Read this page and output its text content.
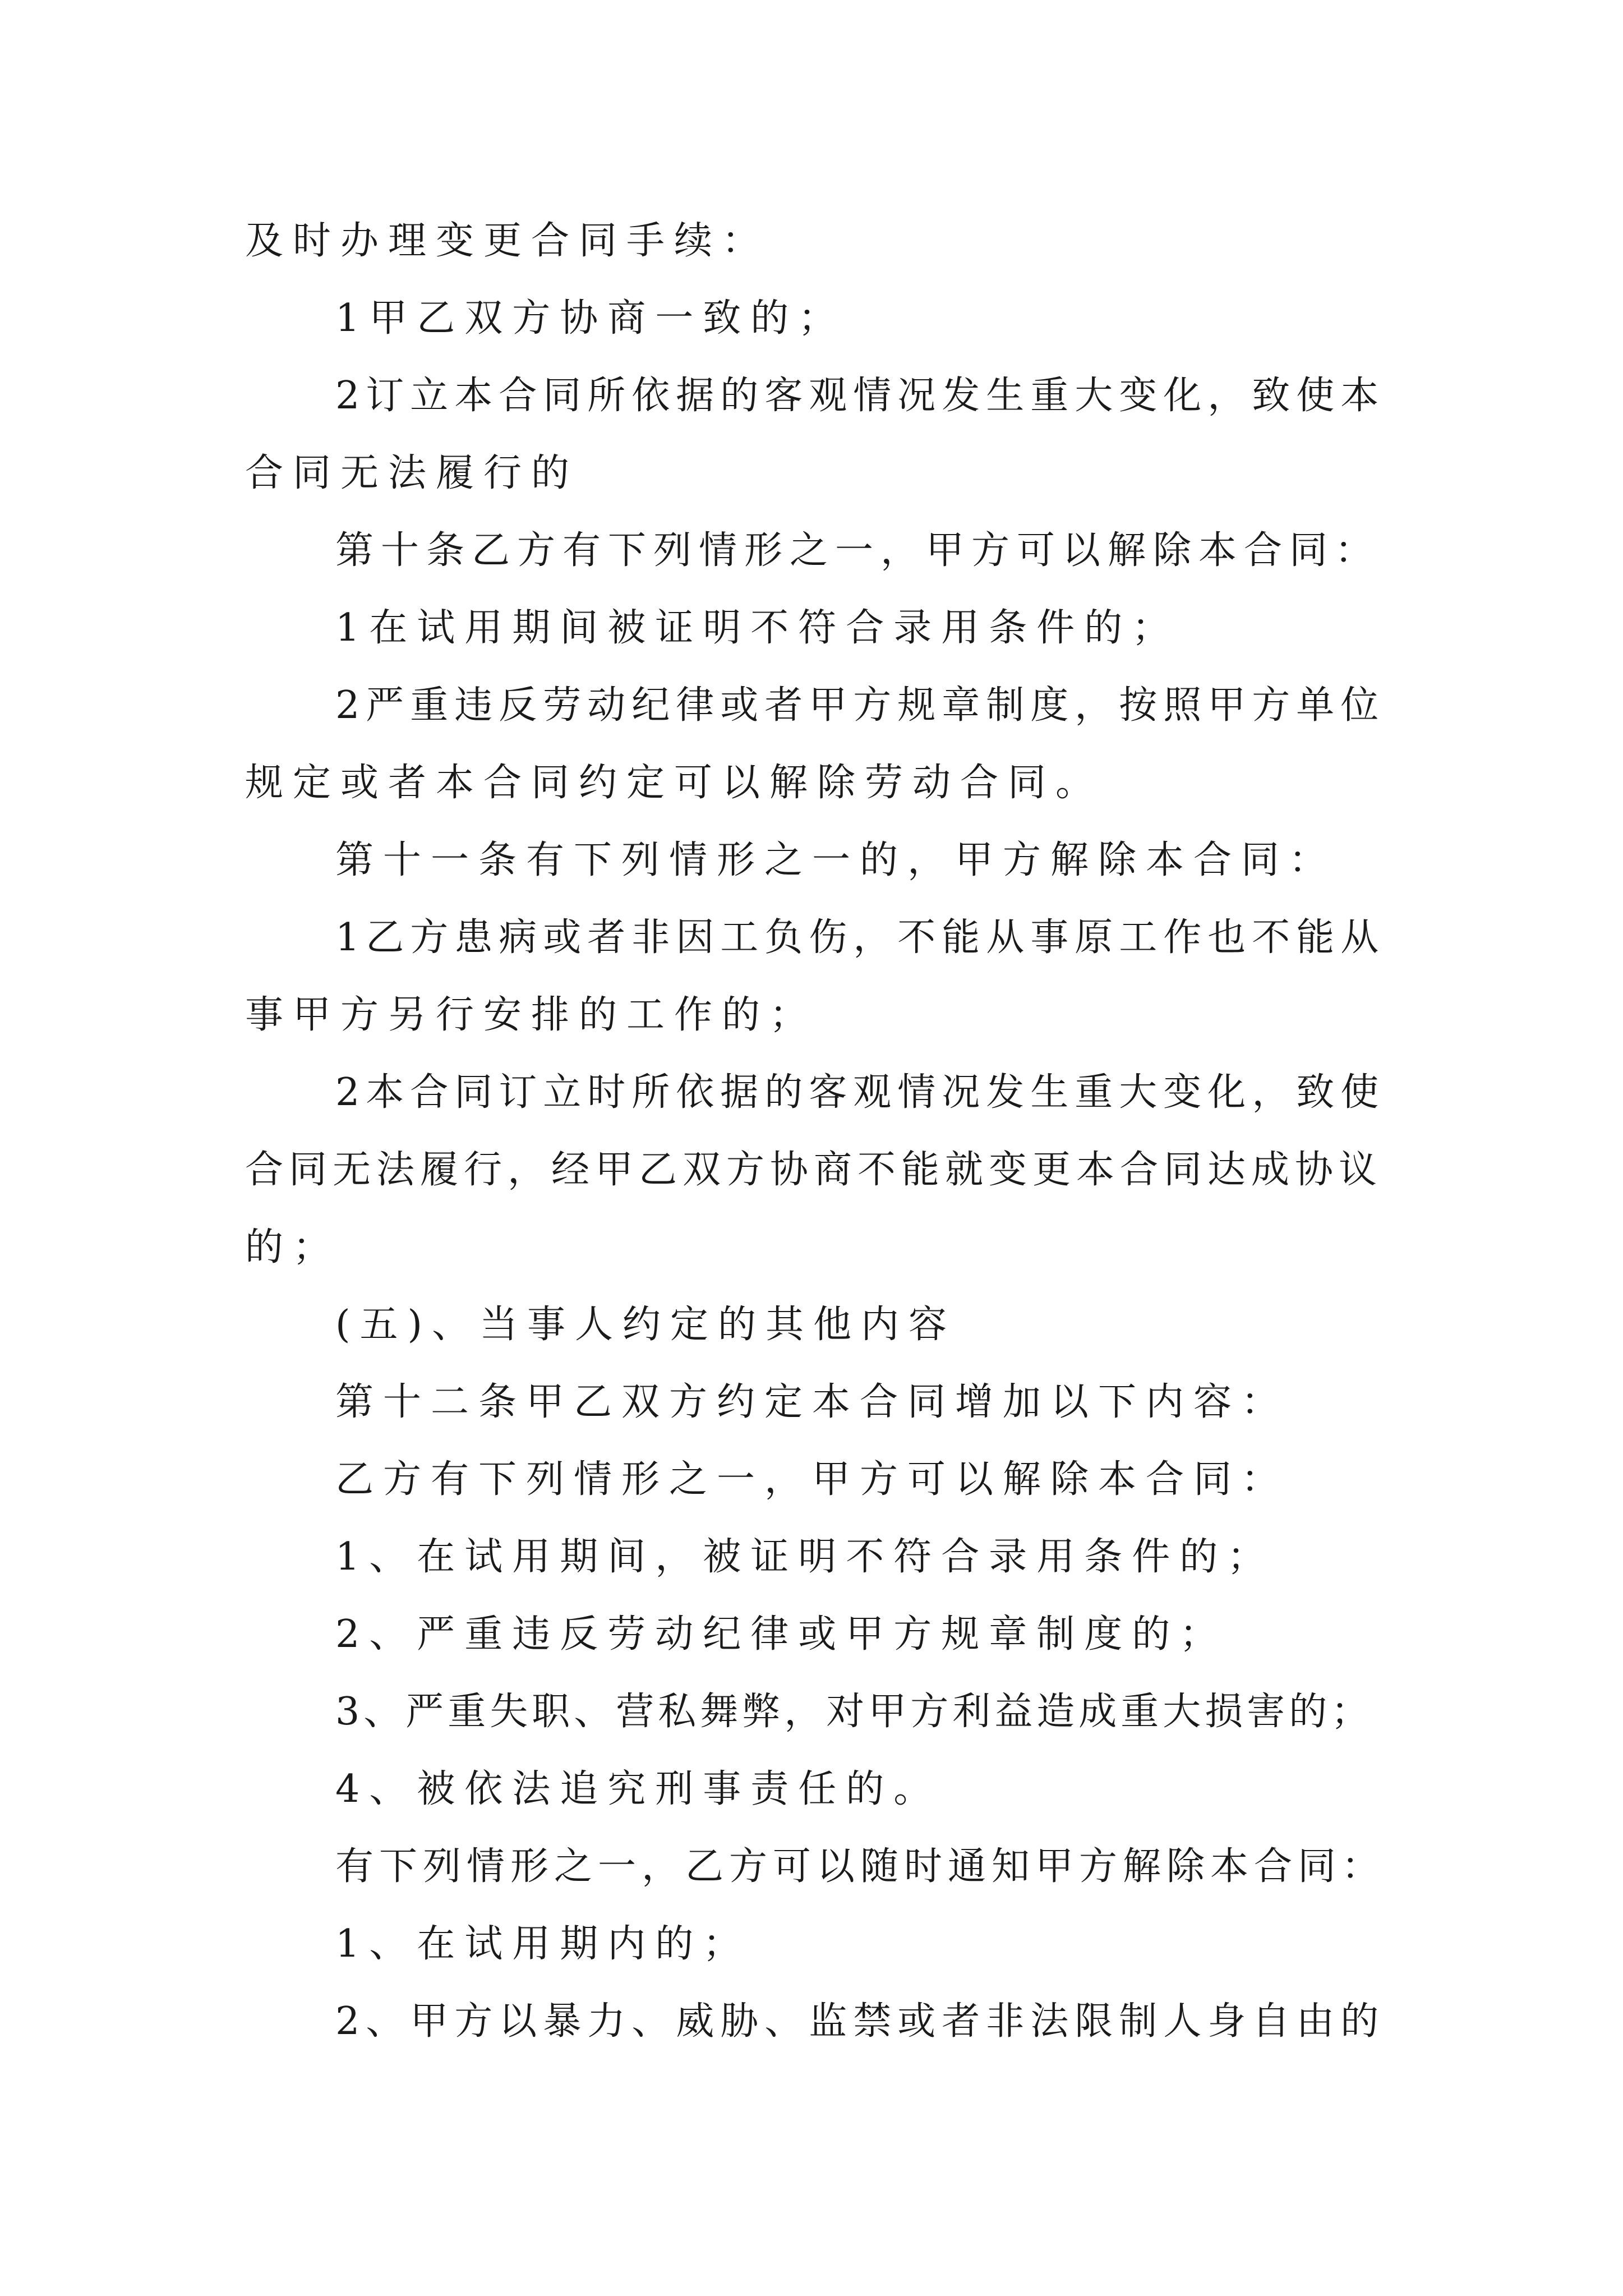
及时办理变更合同手续：

1甲乙双方协商一致的；

2订立本合同所依据的客观情况发生重大变化，致使本

合同无法履行的

第十条乙方有下列情形之一，甲方可以解除本合同：

1在试用期间被证明不符合录用条件的；

2严重违反劳动纪律或者甲方规章制度，按照甲方单位

规定或者本合同约定可以解除劳动合同。

第十一条有下列情形之一的，甲方解除本合同：

1乙方患病或者非因工负伤，不能从事原工作也不能从

事甲方另行安排的工作的；

2本合同订立时所依据的客观情况发生重大变化，致使

合同无法履行，经甲乙双方协商不能就变更本合同达成协议

的；

(五)、当事人约定的其他内容

第十二条甲乙双方约定本合同增加以下内容：

乙方有下列情形之一，甲方可以解除本合同：

1、在试用期间，被证明不符合录用条件的；

2、严重违反劳动纪律或甲方规章制度的；

3、严重失职、营私舞弊，对甲方利益造成重大损害的；

4、被依法追究刑事责任的。

有下列情形之一，乙方可以随时通知甲方解除本合同：

1、在试用期内的；

2、甲方以暴力、威胁、监禁或者非法限制人身自由的
